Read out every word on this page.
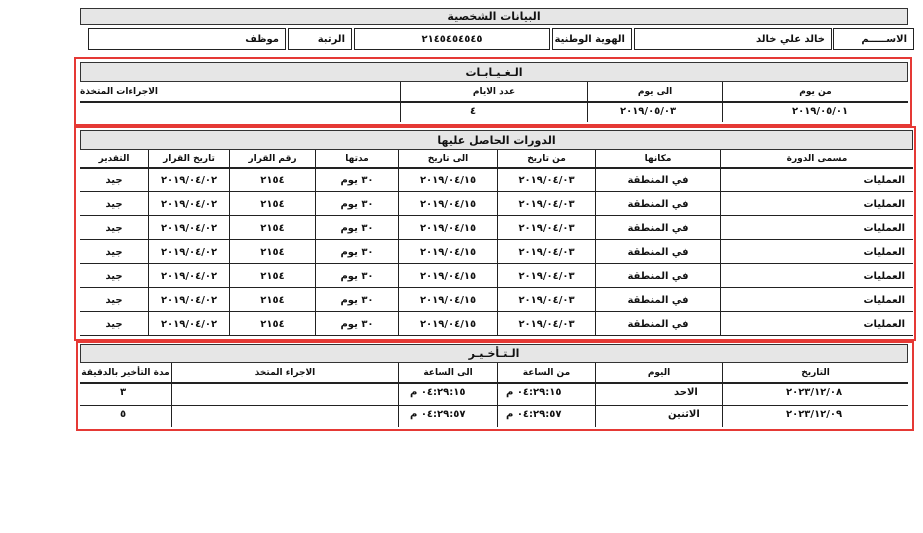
البيانات الشخصية
الاســـــم
خالد علي خالد
الهوية الوطنية
٢١٤٥٤٥٤٥٤٥
الرتبة
موظف
الـغـيـابـات
من يوم
الى يوم
عدد الايام
الاجراءات المتخذة
٢٠١٩/٠٥/٠١
٢٠١٩/٠٥/٠٣
٤
الدورات الحاصل عليها
مسمى الدورة
مكانها
من تاريخ
الى تاريخ
مدتها
رقم القرار
تاريخ القرار
التقدير
العمليات
في المنطقة
٢٠١٩/٠٤/٠٣
٢٠١٩/٠٤/١٥
٣٠ يوم
٢١٥٤
٢٠١٩/٠٤/٠٢
جيد
العمليات
في المنطقة
٢٠١٩/٠٤/٠٣
٢٠١٩/٠٤/١٥
٣٠ يوم
٢١٥٤
٢٠١٩/٠٤/٠٢
جيد
العمليات
في المنطقة
٢٠١٩/٠٤/٠٣
٢٠١٩/٠٤/١٥
٣٠ يوم
٢١٥٤
٢٠١٩/٠٤/٠٢
جيد
العمليات
في المنطقة
٢٠١٩/٠٤/٠٣
٢٠١٩/٠٤/١٥
٣٠ يوم
٢١٥٤
٢٠١٩/٠٤/٠٢
جيد
العمليات
في المنطقة
٢٠١٩/٠٤/٠٣
٢٠١٩/٠٤/١٥
٣٠ يوم
٢١٥٤
٢٠١٩/٠٤/٠٢
جيد
العمليات
في المنطقة
٢٠١٩/٠٤/٠٣
٢٠١٩/٠٤/١٥
٣٠ يوم
٢١٥٤
٢٠١٩/٠٤/٠٢
جيد
العمليات
في المنطقة
٢٠١٩/٠٤/٠٣
٢٠١٩/٠٤/١٥
٣٠ يوم
٢١٥٤
٢٠١٩/٠٤/٠٢
جيد
الـتـأخـيـر
التاريخ
اليوم
من الساعة
الى الساعة
الاجراء المتخذ
مدة التأخير بالدقيقة
٢٠٢٣/١٢/٠٨
الاحد
٠٤:٢٩:١٥ م
٠٤:٢٩:١٥ م
٣
٢٠٢٣/١٢/٠٩
الاثنين
٠٤:٢٩:٥٧ م
٠٤:٢٩:٥٧ م
٥
